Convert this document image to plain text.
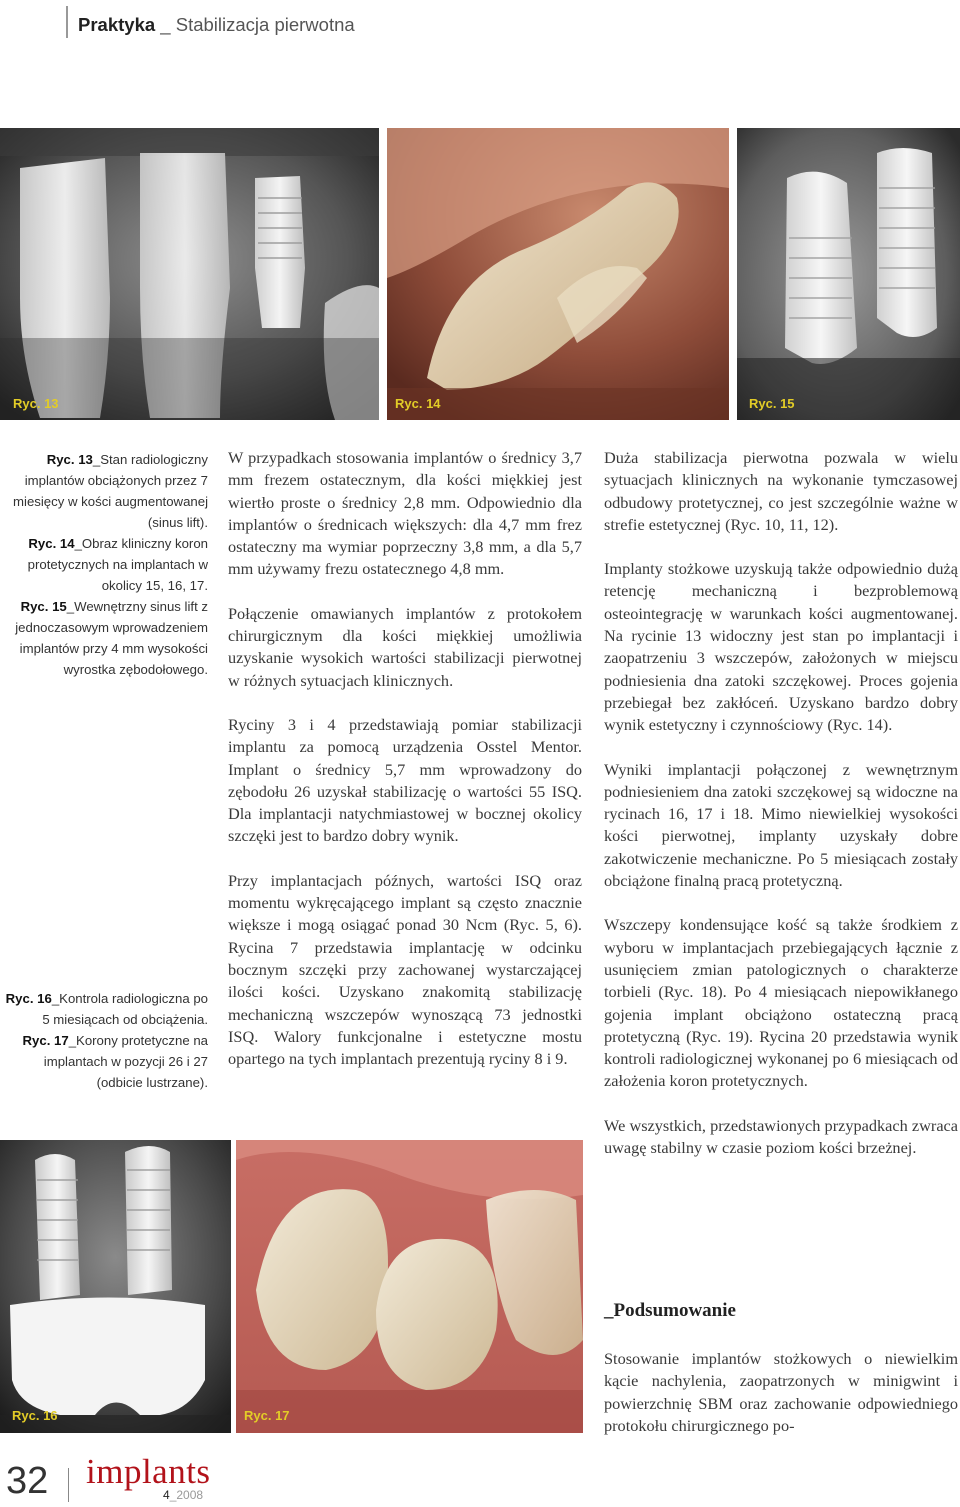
Praktyka _ Stabilizacja pierwotna
Ryc. 13	Ryc. 14	Ryc. 15

Ryc. 13_Stan radiologiczny implantów obciążonych przez 7 miesięcy w kości augmentowanej (sinus lift).

Ryc. 14_Obraz kliniczny koron protetycznych na implantach w okolicy 15, 16, 17.

Ryc. 15_Wewnętrzny sinus lift z jednoczasowym wprowadzeniem implantów przy 4 mm wysokości wyrostka zębodołowego.

Ryc. 16_Kontrola radiologiczna po 5 miesiącach od obciążenia.

Ryc. 17_Korony protetyczne na implantach w pozycji 26 i 27 (odbicie lustrzane).

W przypadkach stosowania implantów o średnicy 3,7 mm frezem ostatecznym, dla kości miękkiej jest wiertło proste o średnicy 2,8 mm. Odpowiednio dla implantów o średnicach większych: dla 4,7 mm frez ostateczny ma wymiar poprzeczny 3,8 mm, a dla 5,7 mm używamy frezu ostatecznego 4,8 mm.

Połączenie omawianych implantów z protokołem chirurgicznym dla kości miękkiej umożliwia uzyskanie wysokich wartości stabilizacji pierwotnej w różnych sytuacjach klinicznych.

Ryciny 3 i 4 przedstawiają pomiar stabilizacji implantu za pomocą urządzenia Osstel Mentor. Implant o średnicy 5,7 mm wprowadzony do zębodołu 26 uzyskał stabilizację o wartości 55 ISQ. Dla implantacji natychmiastowej w bocznej okolicy szczęki jest to bardzo dobry wynik.

Przy implantacjach późnych, wartości ISQ oraz momentu wykręcającego implant są często znacznie większe i mogą osiągać ponad 30 Ncm (Ryc. 5, 6). Rycina 7 przedstawia implantację w odcinku bocznym szczęki przy zachowanej wystarczającej ilości kości. Uzyskano znakomitą stabilizację mechaniczną wszczepów wynoszącą 73 jednostki ISQ. Walory funkcjonalne i estetyczne mostu opartego na tych implantach prezentują ryciny 8 i 9.

Duża stabilizacja pierwotna pozwala w wielu sytuacjach klinicznych na wykonanie tymczasowej odbudowy protetycznej, co jest szczególnie ważne w strefie estetycznej (Ryc. 10, 11, 12).

Implanty stożkowe uzyskują także odpowiednio dużą retencję mechaniczną i bezproblemową osteointegrację w warunkach kości augmentowanej. Na rycinie 13 widoczny jest stan po implantacji i zaopatrzeniu 3 wszczepów, założonych w miejscu podniesienia dna zatoki szczękowej. Proces gojenia przebiegał bez zakłóceń. Uzyskano bardzo dobry wynik estetyczny i czynnościowy (Ryc. 14).

Wyniki implantacji połączonej z wewnętrznym podniesieniem dna zatoki szczękowej są widoczne na rycinach 16, 17 i 18. Mimo niewielkiej wysokości kości pierwotnej, implanty uzyskały dobre zakotwiczenie mechaniczne. Po 5 miesiącach zostały obciążone finalną pracą protetyczną.

Wszczepy kondensujące kość są także środkiem z wyboru w implantacjach przebiegających łącznie z usunięciem zmian patologicznych o charakterze torbieli (Ryc. 18). Po 4 miesiącach niepowikłanego gojenia implant obciążono ostateczną pracą protetyczną (Ryc. 19). Rycina 20 przedstawia wynik kontroli radiologicznej wykonanej po 6 miesiącach od założenia koron protetycznych.

We wszystkich, przedstawionych przypadkach zwraca uwagę stabilny w czasie poziom kości brzeżnej.

_Podsumowanie

Stosowanie implantów stożkowych o niewielkim kącie nachylenia, zaopatrzonych w minigwint i powierzchnię SBM oraz zachowanie odpowiedniego protokołu chirurgicznego po-

Ryc. 16	Ryc. 17
32 implants
4_2008
